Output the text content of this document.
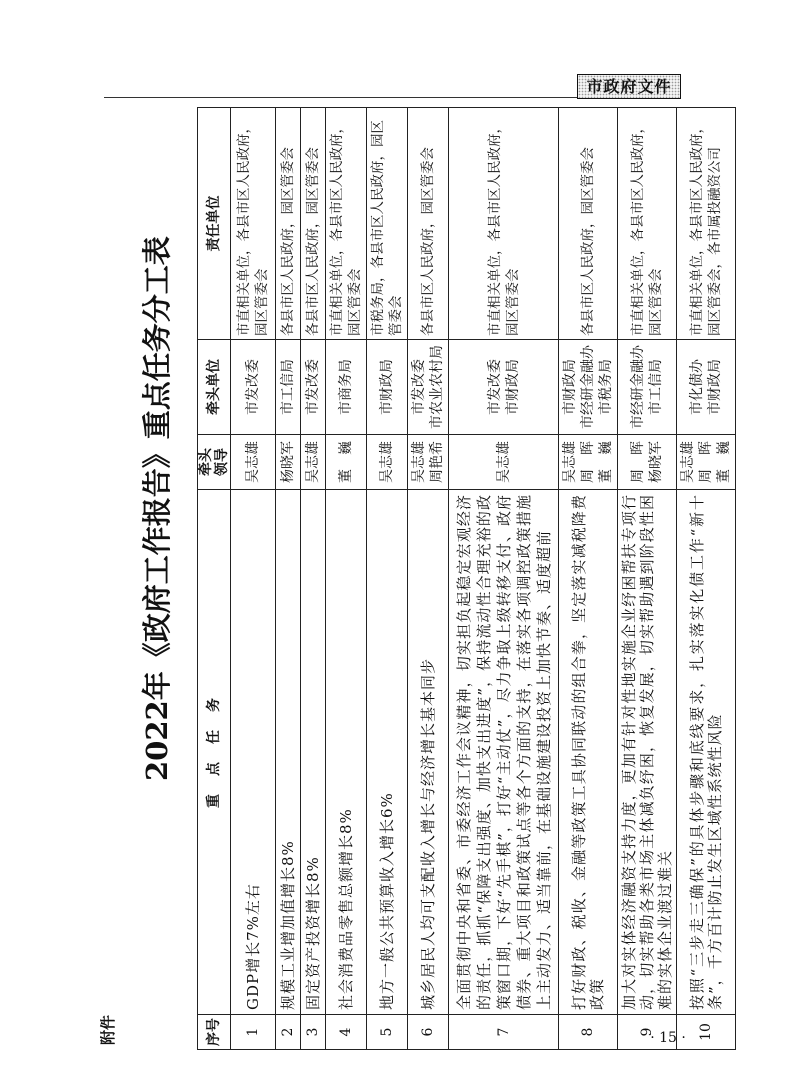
市政府文件
附件
2022年《政府工作报告》重点任务分工表
序号	重　点　任　务	牵头 领导	牵头单位	责任单位
1	GDP增长7%左右	吴志雄	市发改委	市直相关单位，各县市区人民政府，园区管委会
2	规模工业增加值增长8%	杨晓军	市工信局	各县市区人民政府，园区管委会
3	固定资产投资增长8%	吴志雄	市发改委	各县市区人民政府，园区管委会
4	社会消费品零售总额增长8%	董　巍	市商务局	市直相关单位，各县市区人民政府，园区管委会
5	地方一般公共预算收入增长6%	吴志雄	市财政局	市税务局，各县市区人民政府，园区管委会
6	城乡居民人均可支配收入增长与经济增长基本同步	吴志雄 周艳希	市发改委 市农业农村局	各县市区人民政府，园区管委会
7	全面贯彻中央和省委、市委经济工作会议精神，切实担负起稳定宏观经济的责任，抓抓“保障支出强度、加快支出进度”，保持流动性合理充裕的政策窗口期，下好“先手棋”，打好“主动仗”，尽力争取上级转移支付、政府债券、重大项目和政策试点等各个方面的支持，在落实各项调控政策措施上主动发力、适当靠前，在基础设施建设投资上加快节奏、适度超前	吴志雄	市发改委 市财政局	市直相关单位，各县市区人民政府，园区管委会
8	打好财政、税收、金融等政策工具协同联动的组合拳，坚定落实减税降费政策	吴志雄 周　晖 董　巍	市财政局 市经研金融办 市税务局	各县市区人民政府，园区管委会
9	加大对实体经济融资支持力度，更加有针对性地实施企业纾困帮扶专项行动，切实帮助各类市场主体减负纾困，恢复发展，切实帮助遇到阶段性困难的实体企业渡过难关	周　晖 杨晓军	市经研金融办 市工信局	市直相关单位，各县市区人民政府，园区管委会
10	按照“三步走三确保”的具体步骤和底线要求，扎实落实化债工作“新十条”，千方百计防止发生区域性系统性风险	吴志雄 周　晖 董　巍	市化债办 市财政局	市直相关单位，各县市区人民政府，园区管委会，各市属投融资公司
· 15 ·
